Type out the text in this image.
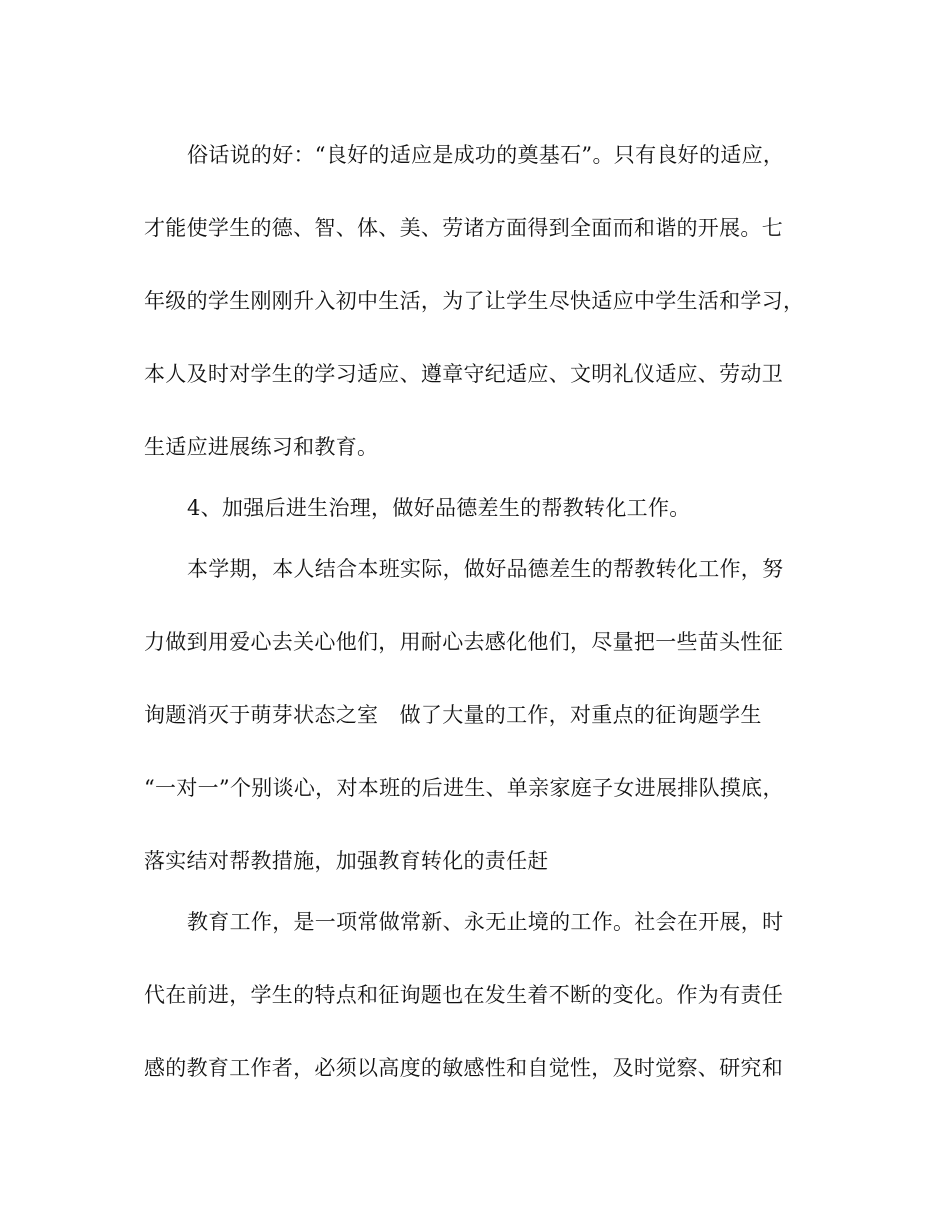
俗话说的好：“良好的适应是成功的奠基石”。只有良好的适应，
才能使学生的德、智、体、美、劳诸方面得到全面而和谐的开展。七
年级的学生刚刚升入初中生活，为了让学生尽快适应中学生活和学习，
本人及时对学生的学习适应、遵章守纪适应、文明礼仪适应、劳动卫
生适应进展练习和教育。
4、加强后进生治理，做好品德差生的帮教转化工作。
本学期，本人结合本班实际，做好品德差生的帮教转化工作，努
力做到用爱心去关心他们，用耐心去感化他们，尽量把一些苗头性征
询题消灭于萌芽状态之室　做了大量的工作，对重点的征询题学生
“一对一”个别谈心，对本班的后进生、单亲家庭子女进展排队摸底，
落实结对帮教措施，加强教育转化的责任赶
教育工作，是一项常做常新、永无止境的工作。社会在开展，时
代在前进，学生的特点和征询题也在发生着不断的变化。作为有责任
感的教育工作者，必须以高度的敏感性和自觉性，及时觉察、研究和
